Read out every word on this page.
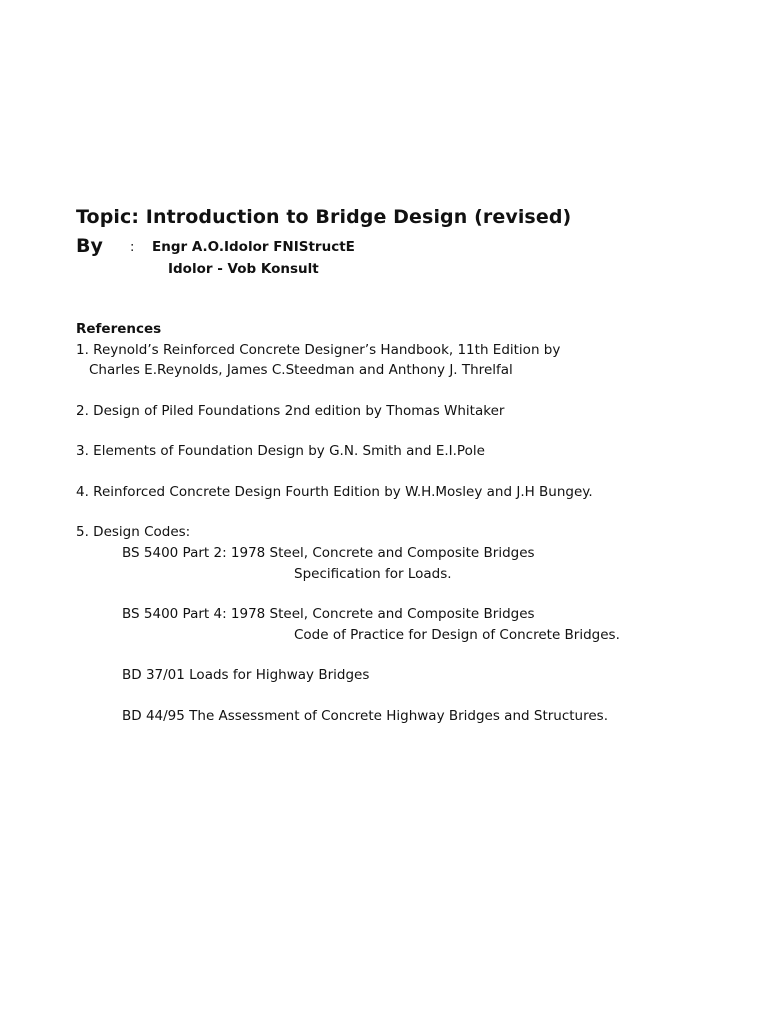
Topic: Introduction to Bridge Design (revised)
By : Engr A.O.Idolor FNIStructE
Idolor - Vob Konsult
References
1. Reynold’s Reinforced Concrete Designer’s Handbook, 11th Edition by
Charles E.Reynolds, James C.Steedman and Anthony J. Threlfal
2. Design of Piled Foundations 2nd edition by Thomas Whitaker
3. Elements of Foundation Design by G.N. Smith and E.I.Pole
4. Reinforced Concrete Design Fourth Edition by W.H.Mosley and J.H Bungey.
5. Design Codes:
BS 5400 Part 2: 1978 Steel, Concrete and Composite Bridges
Specification for Loads.
BS 5400 Part 4: 1978 Steel, Concrete and Composite Bridges
Code of Practice for Design of Concrete Bridges.
BD 37/01 Loads for Highway Bridges
BD 44/95 The Assessment of Concrete Highway Bridges and Structures.
